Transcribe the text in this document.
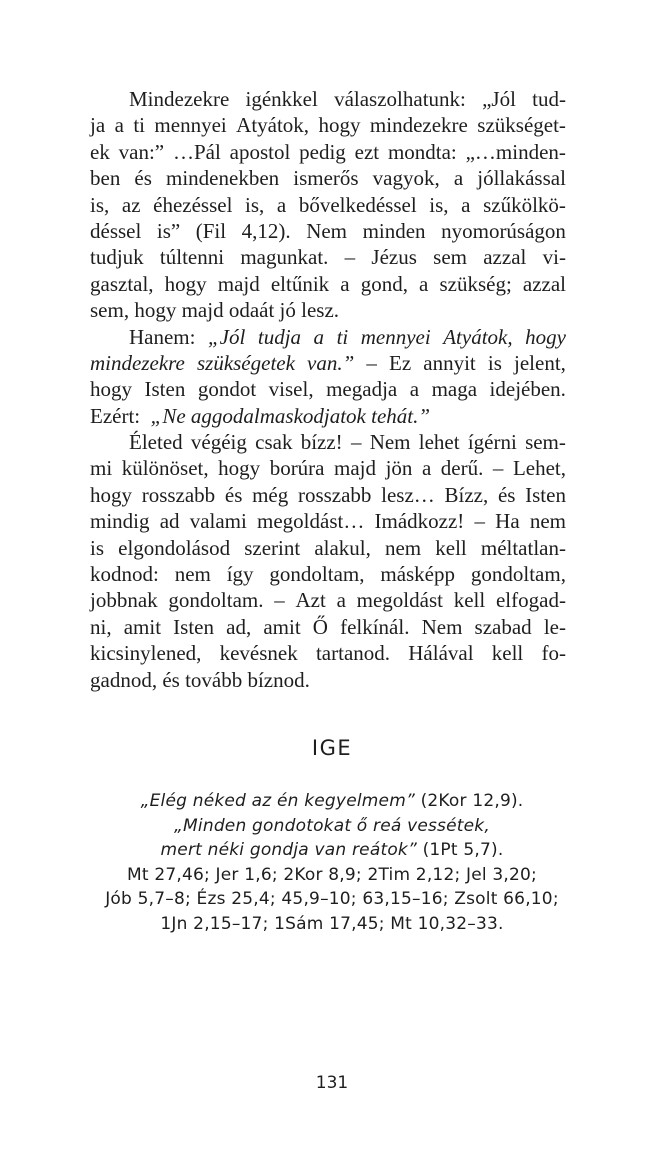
Mindezekre igénkkel válaszolhatunk: „Jól tud-
ja a ti mennyei Atyátok, hogy mindezekre szükséget-
ek van:” …Pál apostol pedig ezt mondta: „…minden-
ben és mindenekben ismerős vagyok, a jóllakással
is, az éhezéssel is, a bővelkedéssel is, a szűkölkö-
déssel is” (Fil 4,12). Nem minden nyomorúságon
tudjuk túltenni magunkat. – Jézus sem azzal vi-
gasztal, hogy majd eltűnik a gond, a szükség; azzal
sem, hogy majd odaát jó lesz.
Hanem: „Jól tudja a ti mennyei Atyátok, hogy
mindezekre szükségetek van.” – Ez annyit is jelent,
hogy Isten gondot visel, megadja a maga idejében.
Ezért: „Ne aggodalmaskodjatok tehát.”
Életed végéig csak bízz! – Nem lehet ígérni sem-
mi különöset, hogy borúra majd jön a derű. – Lehet,
hogy rosszabb és még rosszabb lesz… Bízz, és Isten
mindig ad valami megoldást… Imádkozz! – Ha nem
is elgondolásod szerint alakul, nem kell méltatlan-
kodnod: nem így gondoltam, másképp gondoltam,
jobbnak gondoltam. – Azt a megoldást kell elfogad-
ni, amit Isten ad, amit Ő felkínál. Nem szabad le-
kicsinylened, kevésnek tartanod. Hálával kell fo-
gadnod, és tovább bíznod.
IGE
„Elég néked az én kegyelmem” (2Kor 12,9).
„Minden gondotokat ő reá vessétek,
mert néki gondja van reátok” (1Pt 5,7).
Mt 27,46; Jer 1,6; 2Kor 8,9; 2Tim 2,12; Jel 3,20;
Jób 5,7–8; Ézs 25,4; 45,9–10; 63,15–16; Zsolt 66,10;
1Jn 2,15–17; 1Sám 17,45; Mt 10,32–33.
131
